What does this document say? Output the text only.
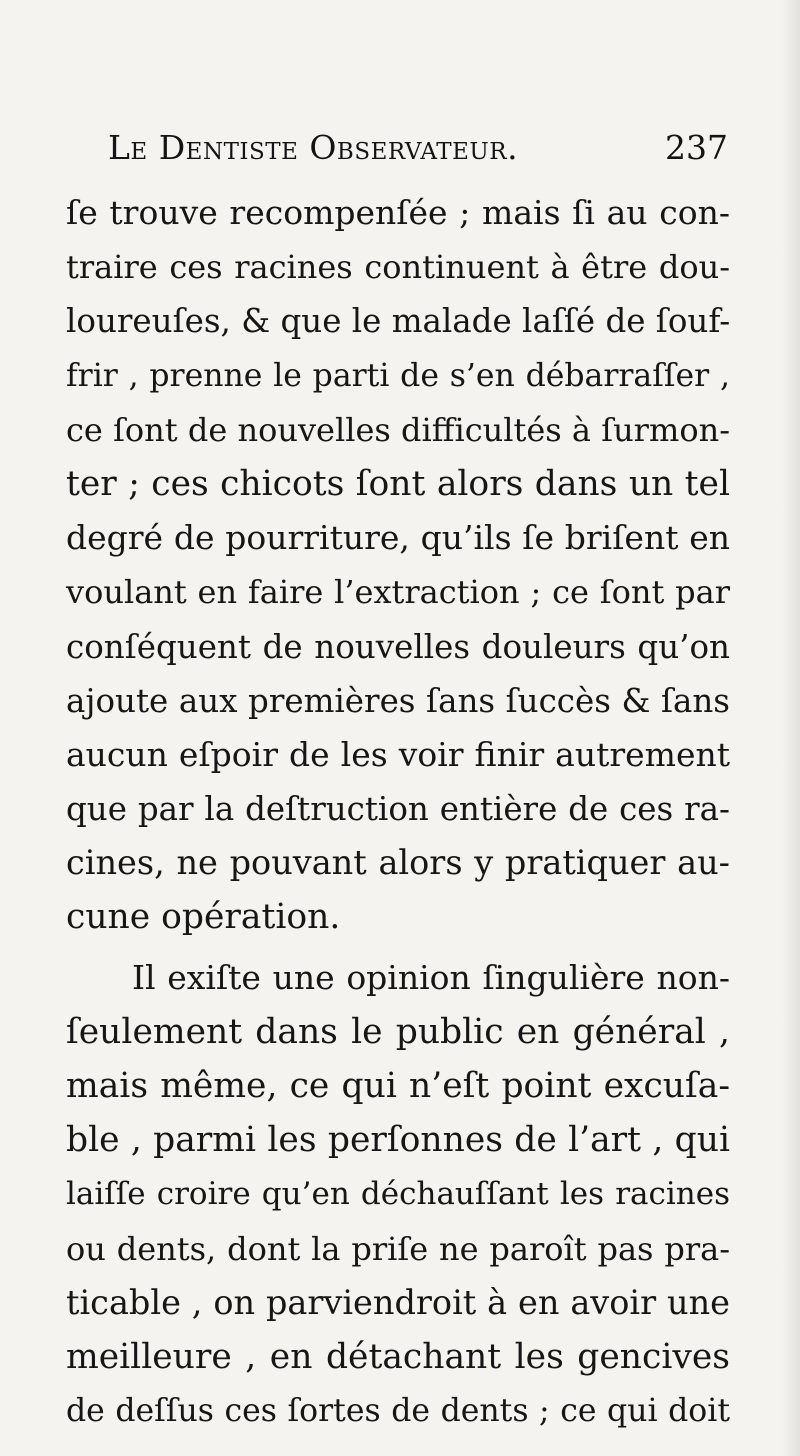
Le Dentiste Observateur.	237
ſe trouve recompenſée ; mais ſi au con-
traire ces racines continuent à être dou-
loureuſes, & que le malade laſſé de ſouf-
frir , prenne le parti de s’en débarraſſer ,
ce ſont de nouvelles difficultés à ſurmon-
ter ; ces chicots ſont alors dans un tel
degré de pourriture, qu’ils ſe briſent en
voulant en faire l’extraction ; ce ſont par
conſéquent de nouvelles douleurs qu’on
ajoute aux premières ſans ſuccès & ſans
aucun eſpoir de les voir finir autrement
que par la deſtruction entière de ces ra-
cines, ne pouvant alors y pratiquer au-
cune opération.
Il exiſte une opinion ſingulière non-
ſeulement dans le public en général ,
mais même, ce qui n’eſt point excuſa-
ble , parmi les perſonnes de l’art , qui
laiſſe croire qu’en déchauſſant les racines
ou dents, dont la priſe ne paroît pas pra-
ticable , on parviendroit à en avoir une
meilleure , en détachant les gencives
de deſſus ces ſortes de dents ; ce qui doit
